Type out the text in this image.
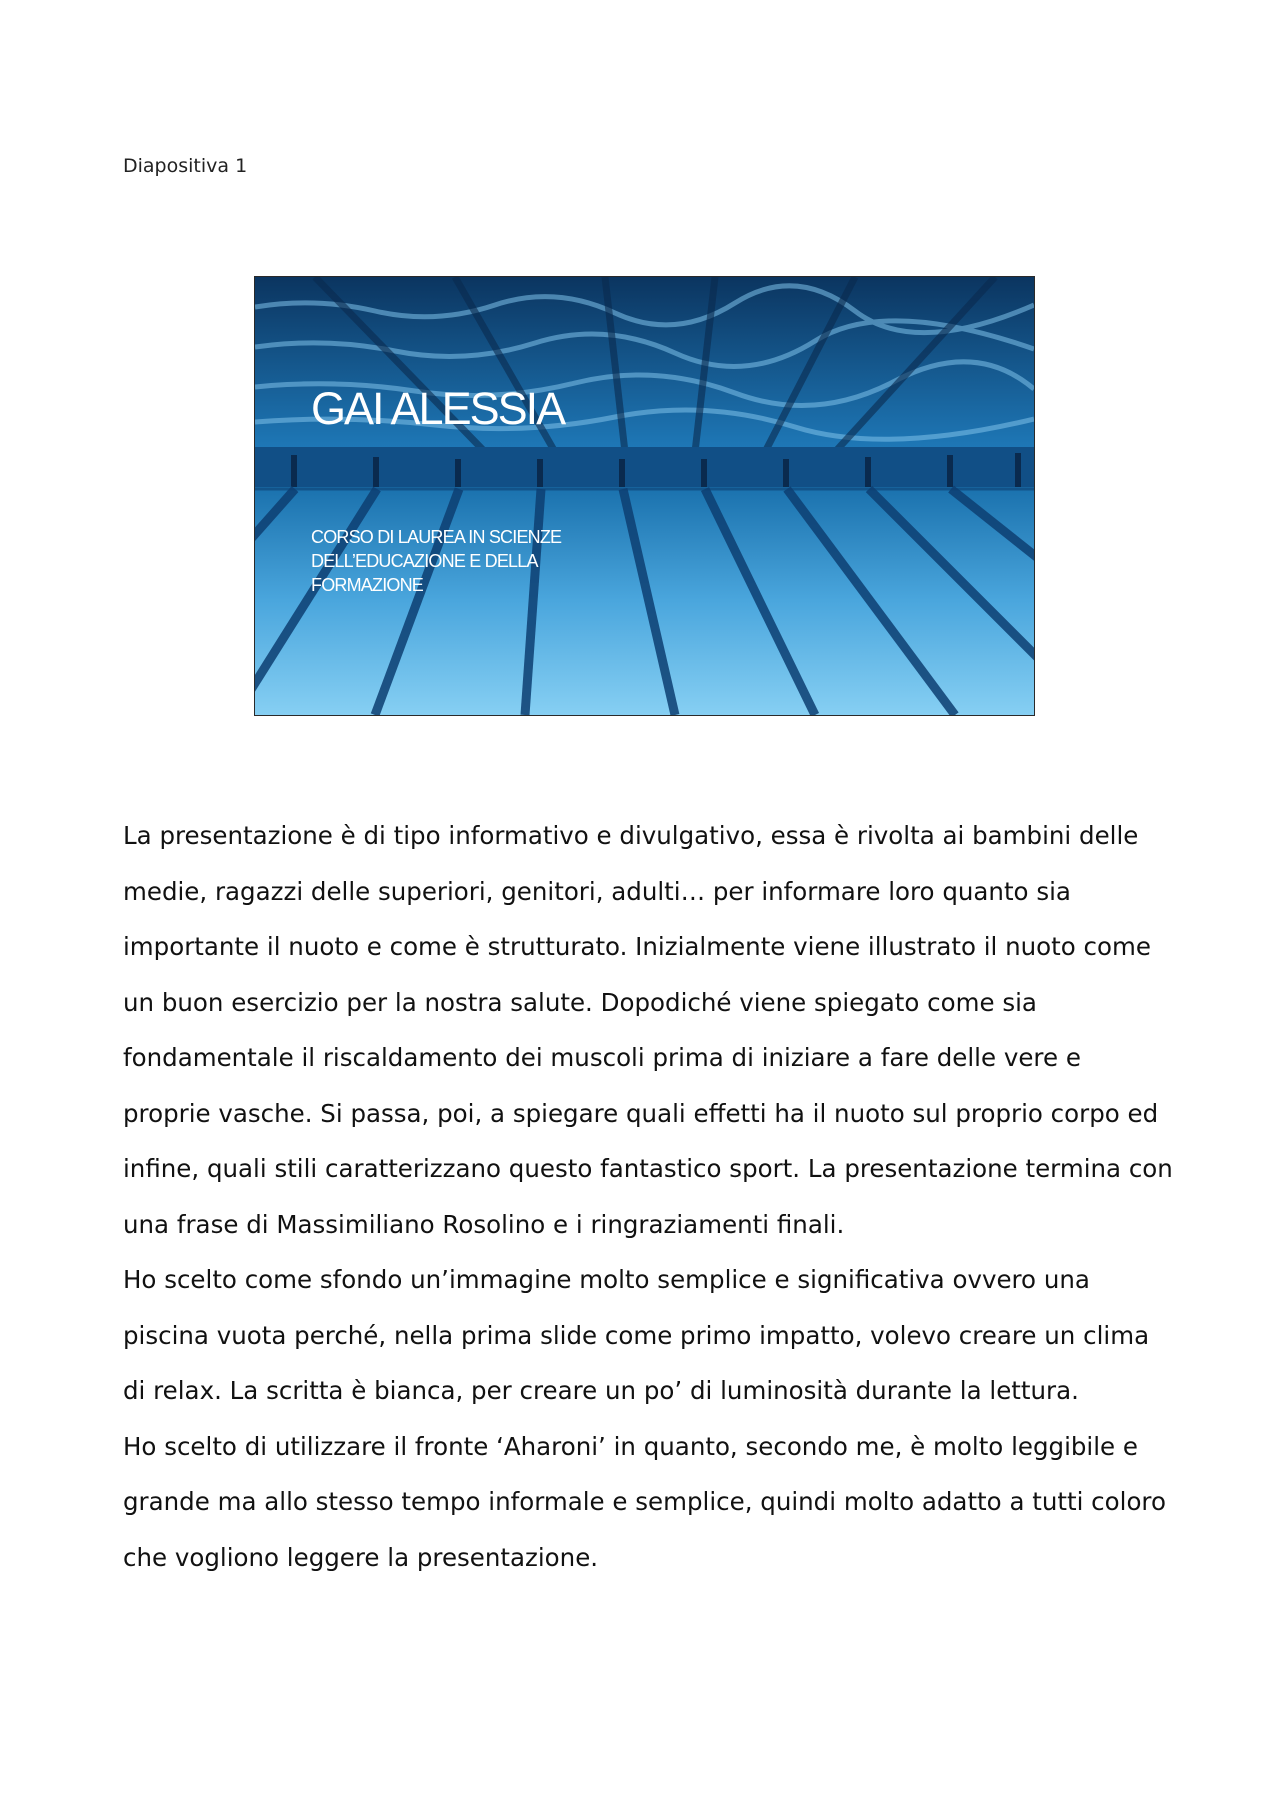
Diapositiva 1
GAI ALESSIA
CORSO DI LAUREA IN SCIENZE
DELL’EDUCAZIONE E DELLA
FORMAZIONE

La presentazione è di tipo informativo e divulgativo, essa è rivolta ai bambini delle medie, ragazzi delle superiori, genitori, adulti… per informare loro quanto sia importante il nuoto e come è strutturato. Inizialmente viene illustrato il nuoto come un buon esercizio per la nostra salute. Dopodiché viene spiegato come sia fondamentale il riscaldamento dei muscoli prima di iniziare a fare delle vere e proprie vasche. Si passa, poi, a spiegare quali effetti ha il nuoto sul proprio corpo ed infine, quali stili caratterizzano questo fantastico sport. La presentazione termina con una frase di Massimiliano Rosolino e i ringraziamenti finali.

Ho scelto come sfondo un’immagine molto semplice e significativa ovvero una piscina vuota perché, nella prima slide come primo impatto, volevo creare un clima di relax. La scritta è bianca, per creare un po’ di luminosità durante la lettura.

Ho scelto di utilizzare il fronte ‘Aharoni’ in quanto, secondo me, è molto leggibile e grande ma allo stesso tempo informale e semplice, quindi molto adatto a tutti coloro che vogliono leggere la presentazione.
